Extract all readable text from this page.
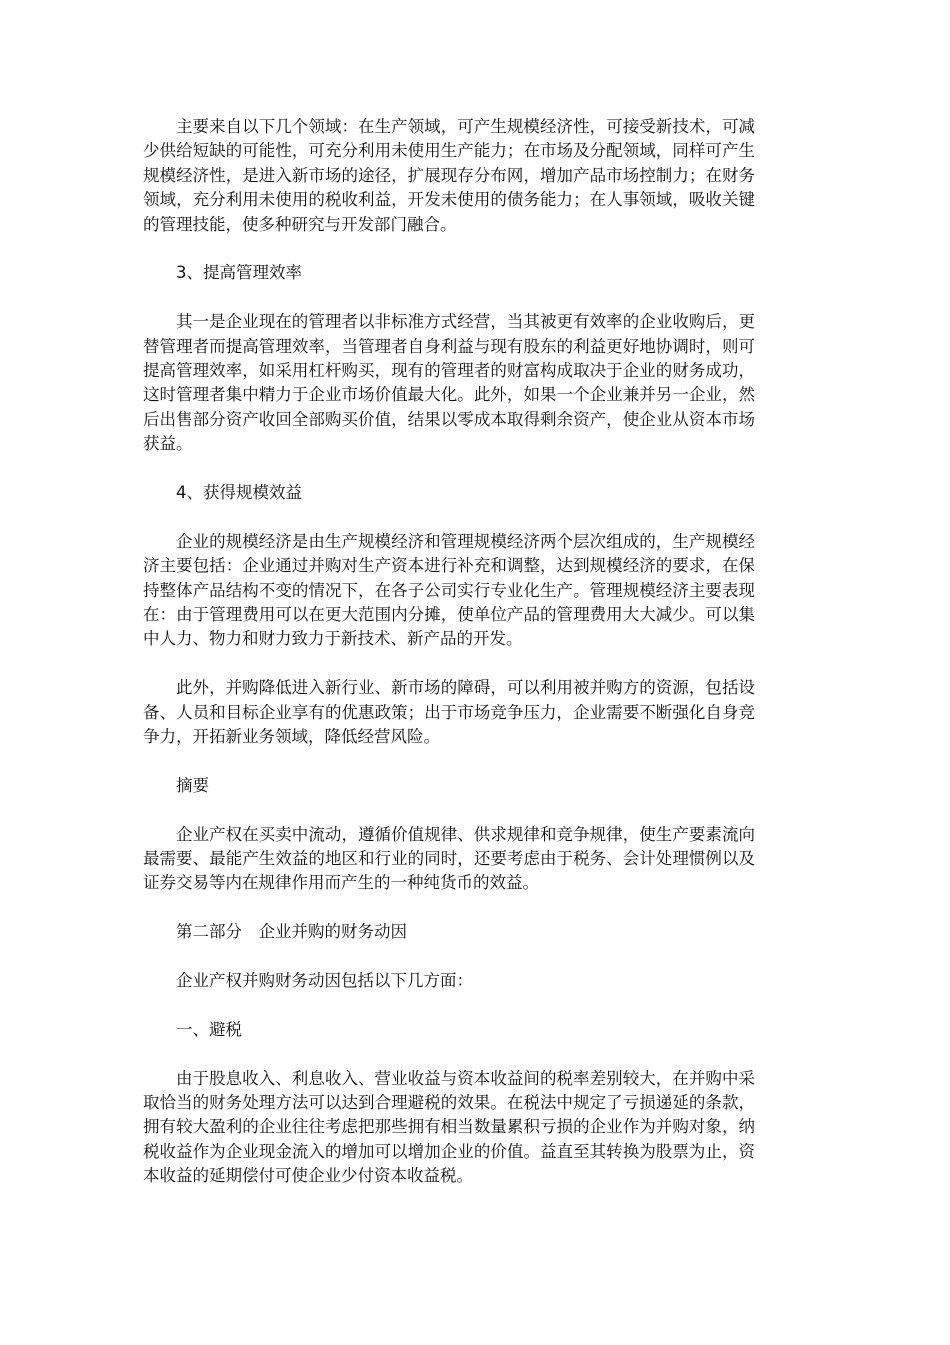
主要来自以下几个领域：在生产领域，可产生规模经济性，可接受新技术，可减少供给短缺的可能性，可充分利用未使用生产能力；在市场及分配领域，同样可产生规模经济性，是进入新市场的途径，扩展现存分布网，增加产品市场控制力；在财务领域，充分利用未使用的税收利益，开发未使用的债务能力；在人事领域，吸收关键的管理技能，使多种研究与开发部门融合。

3、提高管理效率

其一是企业现在的管理者以非标准方式经营，当其被更有效率的企业收购后，更替管理者而提高管理效率，当管理者自身利益与现有股东的利益更好地协调时，则可提高管理效率，如采用杠杆购买，现有的管理者的财富构成取决于企业的财务成功，这时管理者集中精力于企业市场价值最大化。此外，如果一个企业兼并另一企业，然后出售部分资产收回全部购买价值，结果以零成本取得剩余资产，使企业从资本市场获益。

4、获得规模效益

企业的规模经济是由生产规模经济和管理规模经济两个层次组成的，生产规模经济主要包括：企业通过并购对生产资本进行补充和调整，达到规模经济的要求，在保持整体产品结构不变的情况下，在各子公司实行专业化生产。管理规模经济主要表现在：由于管理费用可以在更大范围内分摊，使单位产品的管理费用大大减少。可以集中人力、物力和财力致力于新技术、新产品的开发。

此外，并购降低进入新行业、新市场的障碍，可以利用被并购方的资源，包括设备、人员和目标企业享有的优惠政策；出于市场竞争压力，企业需要不断强化自身竞争力，开拓新业务领域，降低经营风险。

摘要

企业产权在买卖中流动，遵循价值规律、供求规律和竞争规律，使生产要素流向最需要、最能产生效益的地区和行业的同时，还要考虑由于税务、会计处理惯例以及证券交易等内在规律作用而产生的一种纯货币的效益。

第二部分　企业并购的财务动因

企业产权并购财务动因包括以下几方面：

一、避税

由于股息收入、利息收入、营业收益与资本收益间的税率差别较大，在并购中采取恰当的财务处理方法可以达到合理避税的效果。在税法中规定了亏损递延的条款，拥有较大盈利的企业往往考虑把那些拥有相当数量累积亏损的企业作为并购对象，纳税收益作为企业现金流入的增加可以增加企业的价值。益直至其转换为股票为止，资本收益的延期偿付可使企业少付资本收益税。
